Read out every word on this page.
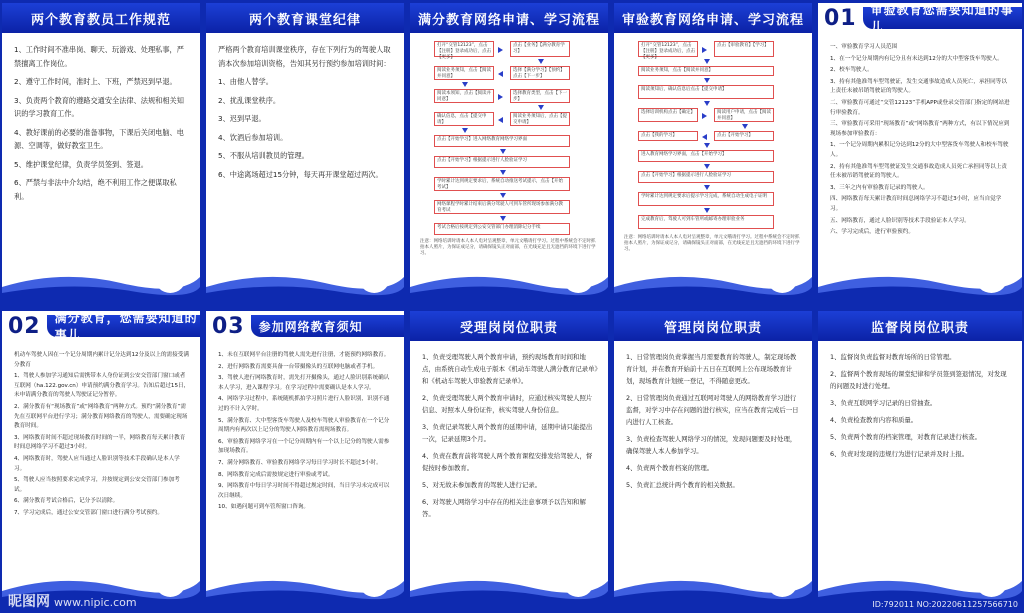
两个教育教员工作规范

1、工作时间不准串岗、聊天、玩游戏、处理私事，严禁擅离工作岗位。

2、遵守工作时间，准时上、下班，严禁迟到早退。

3、负责两个教育的遵路交通安全法律、法规和相关知识的学习教育工作。

4、教好课前的必要的准备事物，下课后关闭电脑、电源、空调等，做好教室卫生。

5、维护课堂纪律，负责学员签到、签退。

6、严禁与非法中介勾结，绝不利用工作之便谋取私利。

两个教育课堂纪律

严格两个教育培训课堂秩序，存在下列行为的驾驶人取消本次参加培训资格，告知其另行预约参加培训时间：

1、由他人替学。

2、扰乱课堂秩序。

3、迟到早退。

4、饮酒后参加培训。

5、不服从培训教员的管理。

6、中途离场超过15分钟，每天再开课堂超过两次。

满分教育网络申请、学习流程
打开“交管12123”，点击【注册】登录成功后，点击【更多】
点击【业务】【满分教育学习】
选择【满分学习】【预约】点击【下一步】
阅读业务须知，点击【阅读并同意】
阅读本须知，点击【阅读并同意】
选择教育类型，点击【下一步】
阅读业务须知后，点击【提交申请】
确认信息，点击【提交申请】
点击【开始学习】进入网络教育网络学习界面
点击【开始学习】根据提示进行人脸验证学习
学时累计达到规定要求后，系统自动推送考试提示，点击【开始考试】
网络课程学时累计结束后满分驾驶人可到车管所现场参加满分教育考试
考试合格后按规定到公安交管部门办理消除记分手续
注意：网络培训时请本人本人电对呈观整章，单元文哦请打学习。过程中系统会不定时抓拍本人照片，为保证成记分，请确保镜头正对面部，在光线充足且无遮挡的环境下进行学习。
审验教育网络申请、学习流程
打开“交管12123”，点击【注册】登录成功后，点击【更多】
点击【审验教育】【学习】
阅读业务须知，点击【阅读并同意】
阅读须知后，确认信息后点击【提交申请】
选择培训机构点击【确定】	阅读用户申请，点击【阅读并同意】
点击【开始学习】
点击【我的学习】
进入教育网络学习界面，点击【开始学习】
点击【开始学习】根据提示进行人脸验证学习
学时累计达到规定要求后提示学习完成，系统自动生成电子证明
完成教育后，驾驶人可到车管所或邮寄办理审验业务
注意：网络培训时请本人本人电对呈观整章，单元文哦请打学习。过程中系统会不定时抓拍本人照片，为保证成记分，请确保镜头正对面部，在光线充足且无遮挡的环境下进行学习。
01	审验教育您需要知道的事儿

一、审验教育学习人员范围

1、在一个记分周期内有记分且有未达到12分的大中型客货车驾驶人。

2、校车驾驶人。

3、持有其他准驾车型驾驶证，发生交通事故造成人员死亡，承担同等以上责任未被吊销驾驶证的驾驶人。

二、审验教育可通过“交管12123”手机APP或登录交管部门指定的网站进行审验教育。

三、审验教育可采用“现场教育”或“网络教育”两种方式，有以下情况应到现场参加审验教育：

1、一个记分周期内累积记分达到12分的大中型客货车驾驶人和校车驾驶人。

2、持有其他准驾车型驾驶证发生交通事故造成人员死亡承担同等以上责任未被吊销驾驶证的驾驶人。

3、三年之内有审验教育记录的驾驶人。

四、网络教育每天累计教育时间总网络学习不超过3小时，应当自觉学习。

五、网络教育，通过人脸识别等技术手段验证本人学习。

六、学习完成后，进行审验预约。

02	满分教育，您需要知道的事儿

机动车驾驶人因在一个记分周期内累计记分达到12分及以上的需接受满分教育

1、驾驶人参加学习通知后需携带本人身份证到公安交管部门窗口或者互联网（ha.122.gov.cn）申请预约满分教育学习。告知后超过15日，未申请满分教育的驾驶人驾驶证记分暂停。

2、满分教育有“现场教育”或“网络教育”两种方式。预约“满分教育”需先在互联网平台进行学习；满分教育网络教育的驾驶人，需要确定现场教育时间。

3、网络教育时间不超过现场教育时间的一半，网络教育每天累计教育时间总网络学习不超过3小时。

4、网络教育时，驾驶人应当通过人脸识别等技术手段确认是本人学习。

5、驾驶人应当按照要求完成学习，并按规定到公安交管部门参加考试。

6、满分教育考试合格后，记分予以清除。

7、学习完成后，通过公安交管部门窗口进行满分考试预约。

03	参加网络教育须知

1、未在互联网平台注册的驾驶人需先进行注册，才能预约网络教育。

2、进行网络教育需要具备一台带摄像头的互联网电脑或者手机。

3、驾驶人进行网络教育时，需先打开摄像头，通过人脸识别系统确认本人学习，进入课程学习。在学习过程中需要确认是本人学习。

4、网络学习过程中，系统随机抓拍学习照片进行人脸识别，识别不通过的不计入学时。

5、满分教育、大中型客货车驾驶人及校车驾驶人审验教育在一个记分周期内有两次以上记分的驾驶人网络教育需现场教育。

6、审验教育网络学习在一个记分周期内有一个以上记分的驾驶人需参加现场教育。

7、满分网络教育、审验教育网络学习每日学习时长不超过3小时。

8、网络教育完成后需按规定进行审验或考试。

9、网络教育中每日学习时间不得超过规定时间，当日学习未完成可以次日继续。

10、如遇问题可到车管所窗口咨询。

受理岗岗位职责

1、负责受理驾驶人两个教育申请，预约现场教育时间和地点，由系统自动生成电子版本《机动车驾驶人满分教育记录单》和《机动车驾驶人审验教育记录单》。

2、负责受理驾驶人两个教育申请时，应通过核实驾驶人照片信息、对照本人身份证件，核实驾驶人身份信息。

3、负责记录驾驶人两个教育的延期申请，延期申请只能提出一次，记录延期3个月。

4、负责在教育前将驾驶人两个教育课程安排发给驾驶人，督促按时参加教育。

5、对无故未参加教育的驾驶人进行记录。

6、对驾驶人网络学习中存在的相关注意事项予以告知和解答。

管理岗岗位职责

1、日常管理岗负责掌握当月需要教育的驾驶人，制定现场教育计划，并在教育开始前十五日在互联网上公布现场教育计划，现场教育计划统一登记，不得随意更改。

2、日常管理岗负责通过互联网对驾驶人的网络教育学习进行监督，对学习中存在问题的进行核实，应当在教育完成后一日内进行人工核查。

3、负责检查驾驶人网络学习的情况，发现问题要及时处理，确保驾驶人本人参加学习。

4、负责两个教育档案的管理。

5、负责汇总统计两个教育的相关数据。

监督岗岗位职责

1、监督岗负责监督对教育场所的日常管理。

2、监督两个教育现场的课堂纪律和学员签到签退情况，对发现的问题及时进行处理。

3、负责互联网学习记录的日常抽查。

4、负责检查教育内容和质量。

5、负责两个教育的档案管理，对教育记录进行核查。

6、负责对发现的违规行为进行记录并及时上报。

昵图网 www.nipic.com	ID:792011 NO:20220611257566710
